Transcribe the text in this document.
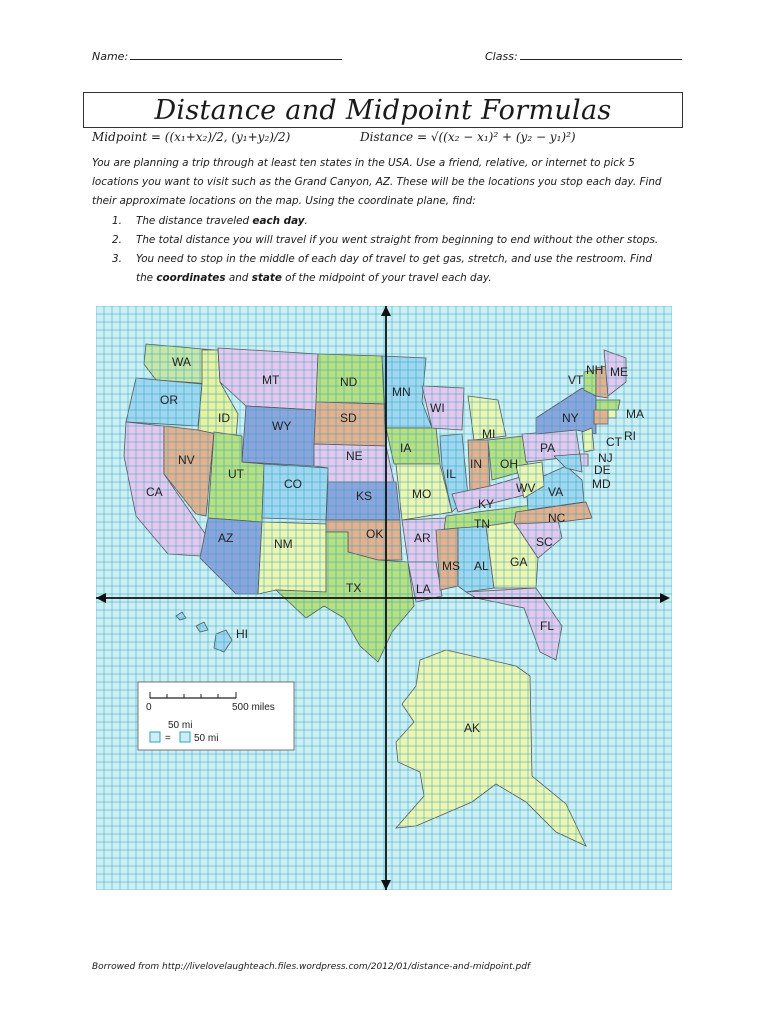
Name:	Class:
Distance and Midpoint Formulas
Midpoint = ((x₁+x₂)/2, (y₁+y₂)/2)	Distance = √((x₂ − x₁)² + (y₂ − y₁)²)
You are planning a trip through at least ten states in the USA. Use a friend, relative, or internet to pick 5 locations you want to visit such as the Grand Canyon, AZ. These will be the locations you stop each day. Find their approximate locations on the map. Using the coordinate plane, find:
1. The distance traveled each day.
2. The total distance you will travel if you went straight from beginning to end without the other stops.
3. You need to stop in the middle of each day of travel to get gas, stretch, and use the restroom. Find the coordinates and state of the midpoint of your travel each day.
WA
OR
CA
NV
ID
MT
WY
UT
AZ	NM
CO
ND
SD
NE
KS
OK
TX
MN
IA
MO
AR
LA
WI
IL
MS AL
MI
IN OH
KY
TN
GA
FL
SC
NC
VA
WV
PA
NY
VT
NH ME
MA
RI
CT
NJ
DE
MD
AK
HI
0	500 miles
50 mi
= 50 mi
Borrowed from http://livelovelaughteach.files.wordpress.com/2012/01/distance-and-midpoint.pdf
